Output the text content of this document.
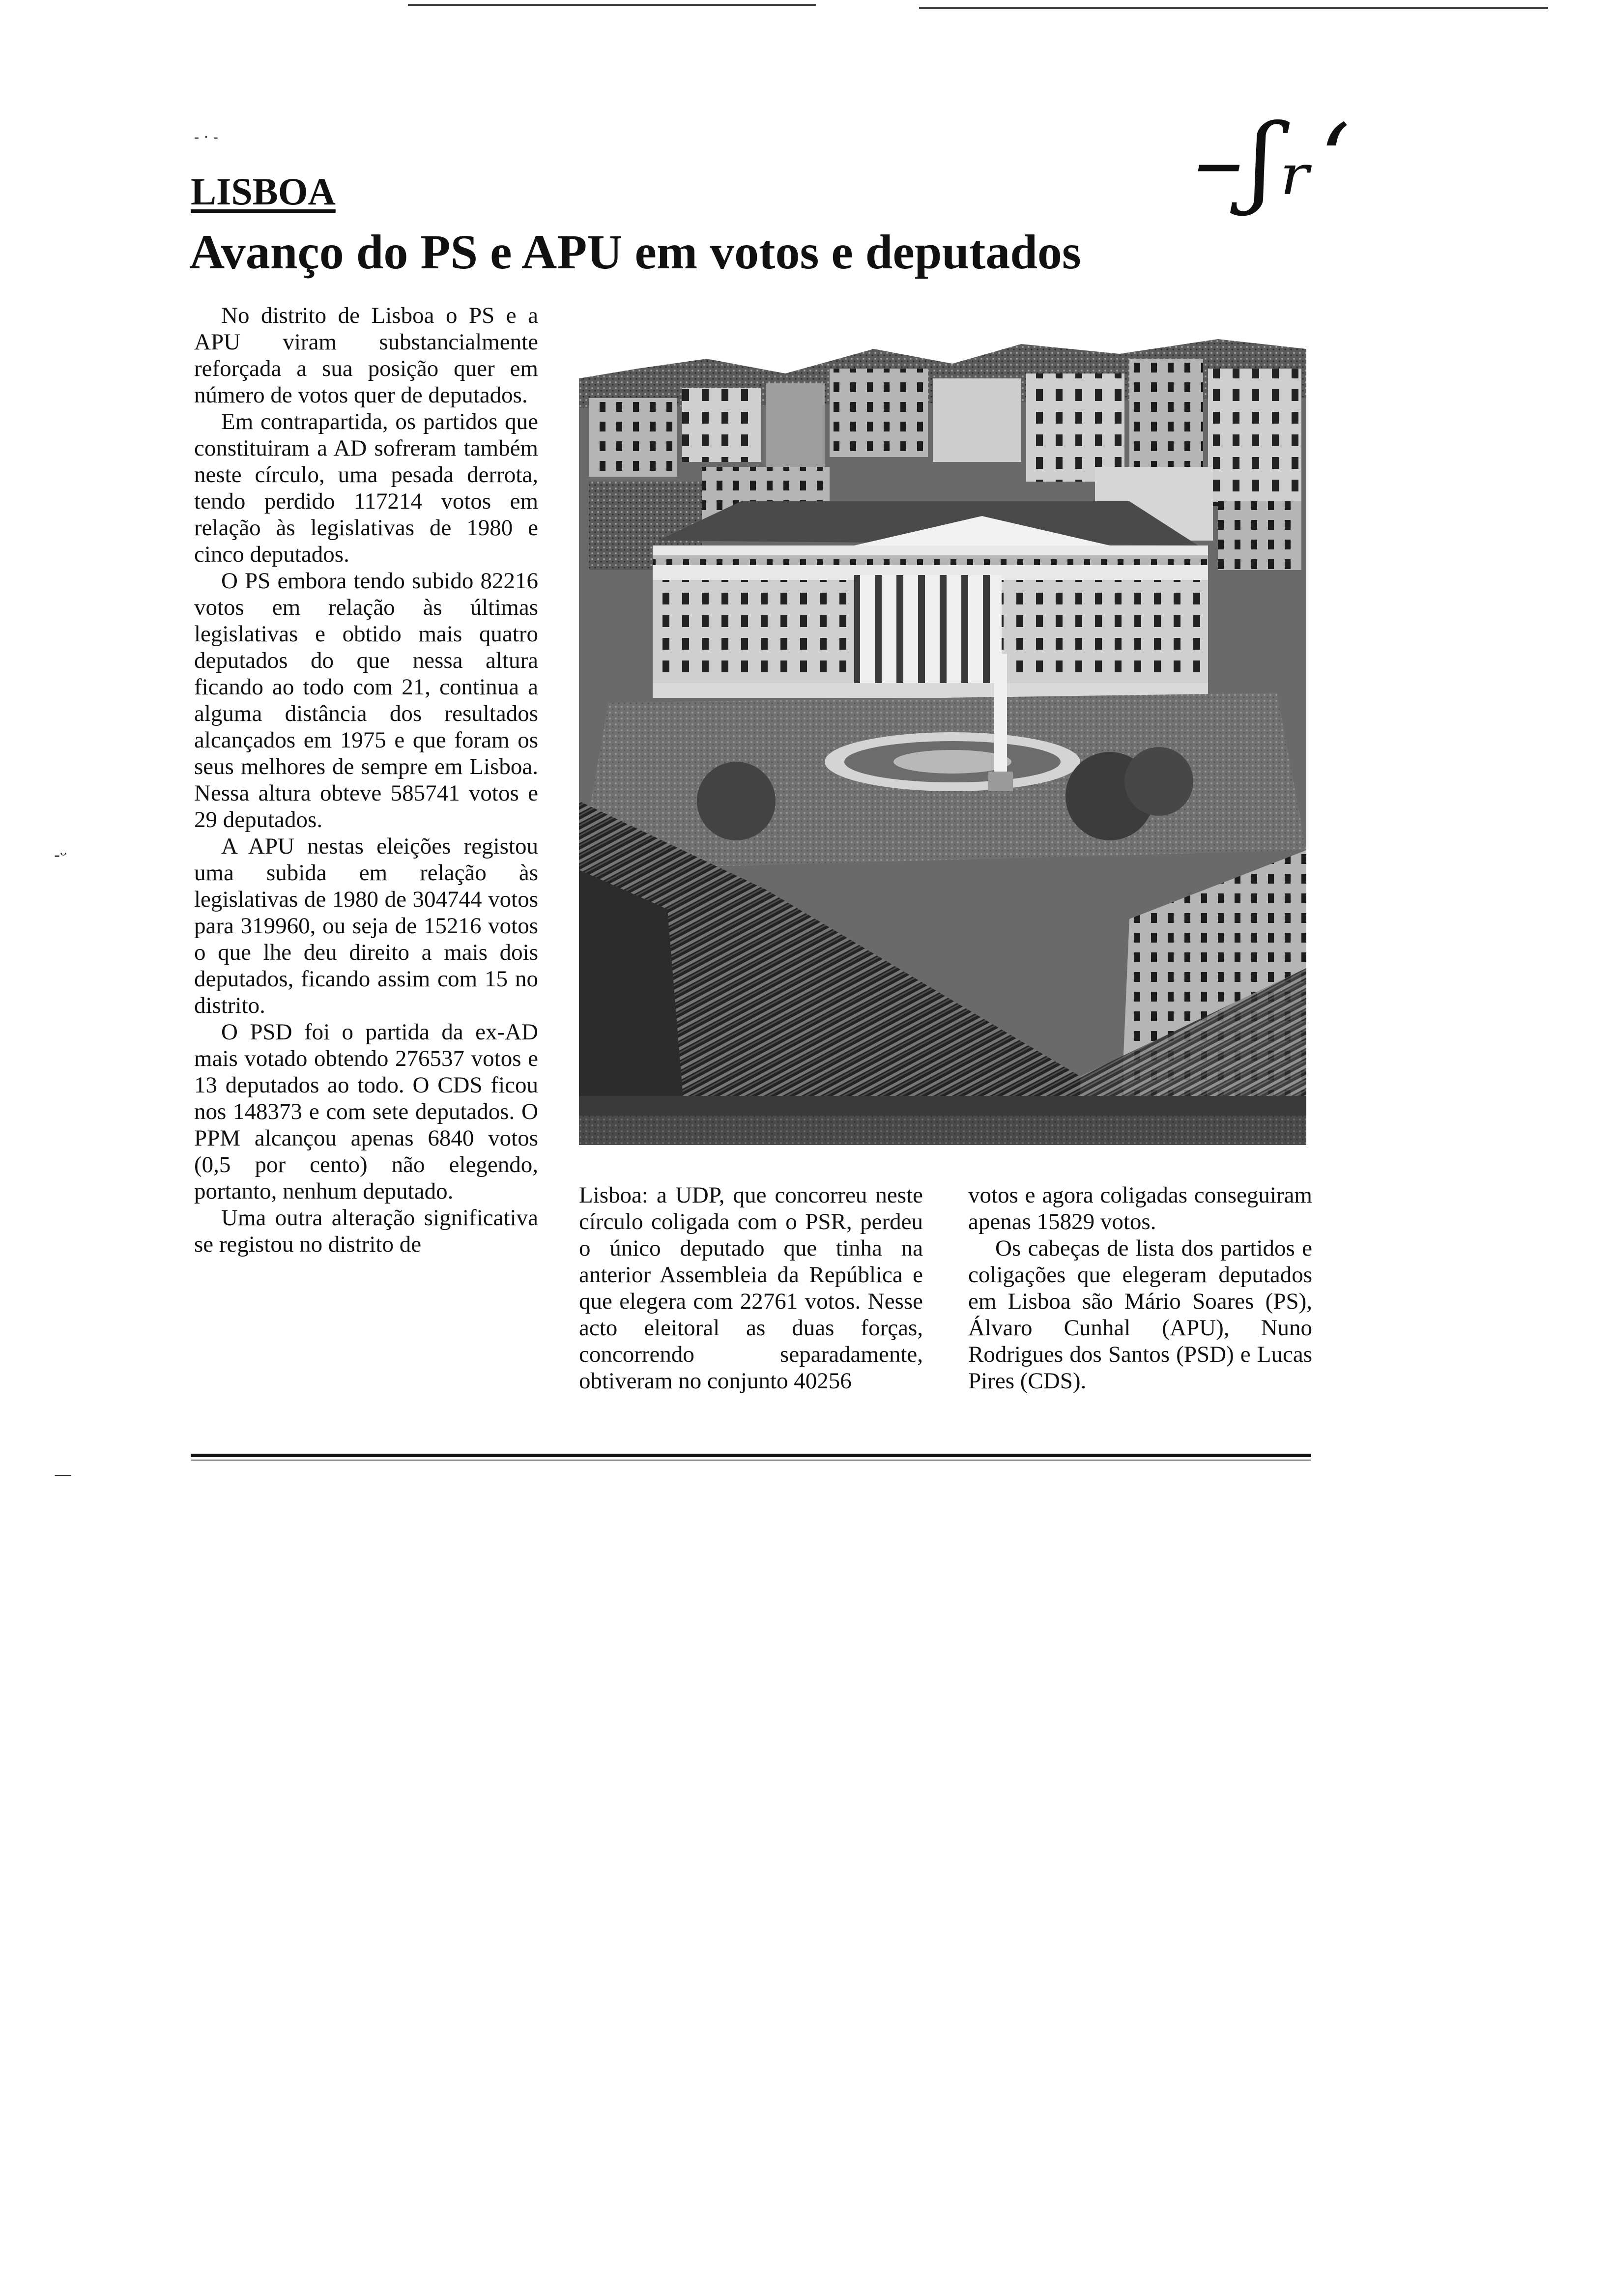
- · -
-ᵕ
—
–ʃᵣ‘
LISBOA
Avanço do PS e APU em votos e deputados

No distrito de Lisboa o PS e a APU viram substancialmente reforçada a sua posição quer em número de votos quer de deputados.

Em contrapartida, os partidos que constituiram a AD sofreram também neste círculo, uma pesada derrota, tendo perdido 117214 votos em relação às legislativas de 1980 e cinco deputados.

O PS embora tendo subido 82216 votos em relação às últimas legislativas e obtido mais quatro deputados do que nessa altura ficando ao todo com 21, continua a alguma distância dos resultados alcançados em 1975 e que foram os seus melhores de sempre em Lisboa. Nessa altura obteve 585741 votos e 29 deputados.

A APU nestas eleições registou uma subida em relação às legislativas de 1980 de 304744 votos para 319960, ou seja de 15216 votos o que lhe deu direito a mais dois deputados, ficando assim com 15 no distrito.

O PSD foi o partida da ex-AD mais votado obtendo 276537 votos e 13 deputados ao todo. O CDS ficou nos 148373 e com sete deputados. O PPM alcançou apenas 6840 votos (0,5 por cento) não elegendo, portanto, nenhum deputado.

Uma outra alteração significativa se registou no distrito de

Lisboa: a UDP, que concorreu neste círculo coligada com o PSR, perdeu o único deputado que tinha na anterior Assembleia da República e que elegera com 22761 votos. Nesse acto eleitoral as duas forças, concorrendo separadamente, obtiveram no conjunto 40256

votos e agora coligadas conseguiram apenas 15829 votos.

Os cabeças de lista dos partidos e coligações que elegeram deputados em Lisboa são Mário Soares (PS), Álvaro Cunhal (APU), Nuno Rodrigues dos Santos (PSD) e Lucas Pires (CDS).
